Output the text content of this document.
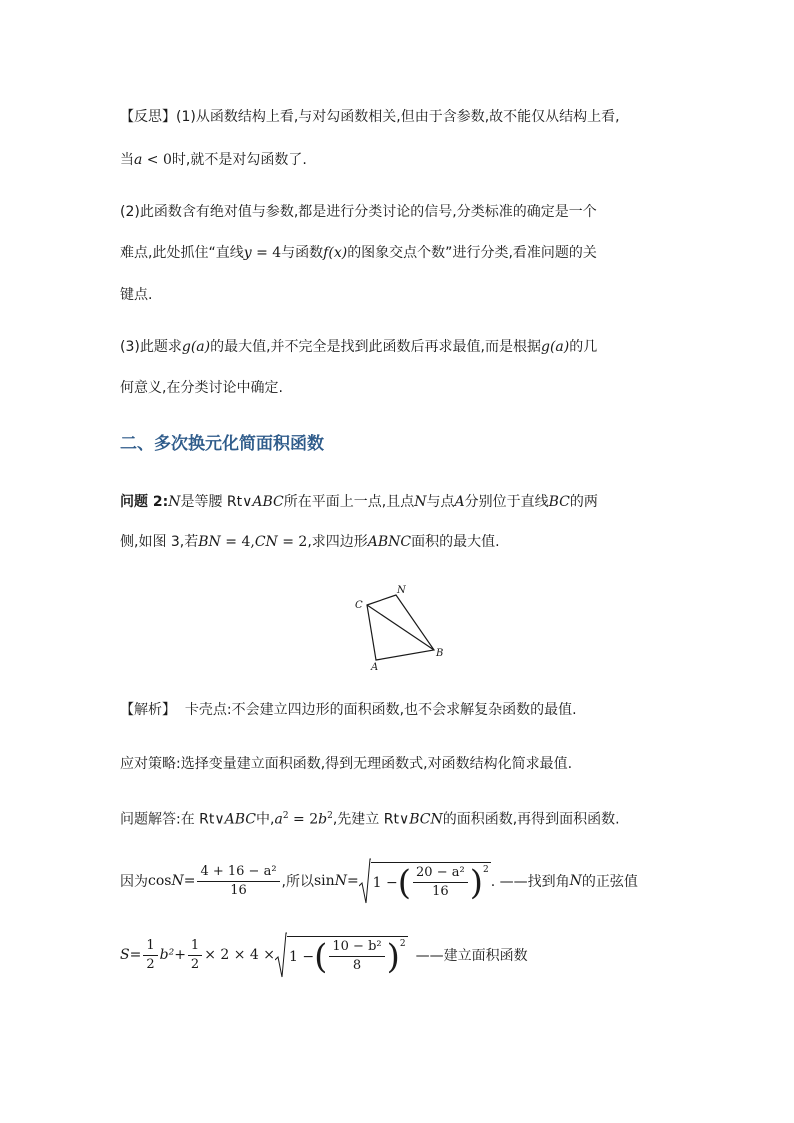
【反思】(1)从函数结构上看,与对勾函数相关,但由于含参数,故不能仅从结构上看,
当a < 0时,就不是对勾函数了.
(2)此函数含有绝对值与参数,都是进行分类讨论的信号,分类标准的确定是一个
难点,此处抓住“直线y = 4与函数f(x)的图象交点个数”进行分类,看准问题的关
键点.
(3)此题求g(a)的最大值,并不完全是找到此函数后再求最值,而是根据g(a)的几
何意义,在分类讨论中确定.
二、多次换元化简面积函数
问题 2:N是等腰 Rt∨ABC所在平面上一点,且点N与点A分别位于直线BC的两
侧,如图 3,若BN = 4,CN = 2,求四边形ABNC面积的最大值.
C
N
A
B
【解析】 卡壳点:不会建立四边形的面积函数,也不会求解复杂函数的最值.
应对策略:选择变量建立面积函数,得到无理函数式,对函数结构化简求最值.
问题解答:在 Rt∨ABC中$,a^2 = 2b^2$,先建立 Rt∨BCN的面积函数,再得到面积函数.
因为 $\cos N = \frac{\text{4 + 16 − a²}}{16}$ ,所以 sin N = 1 − ( $\frac{\text{20 − a²}}{16} )^2$
. ——找到角 N 的正弦值
$S = \frac{1}{2} b^2 + \frac{1}{2} \times 2 \times 4 \times 1$ − ( $\frac{\text{10 − b²}}{8} )^2$
——建立面积函数
